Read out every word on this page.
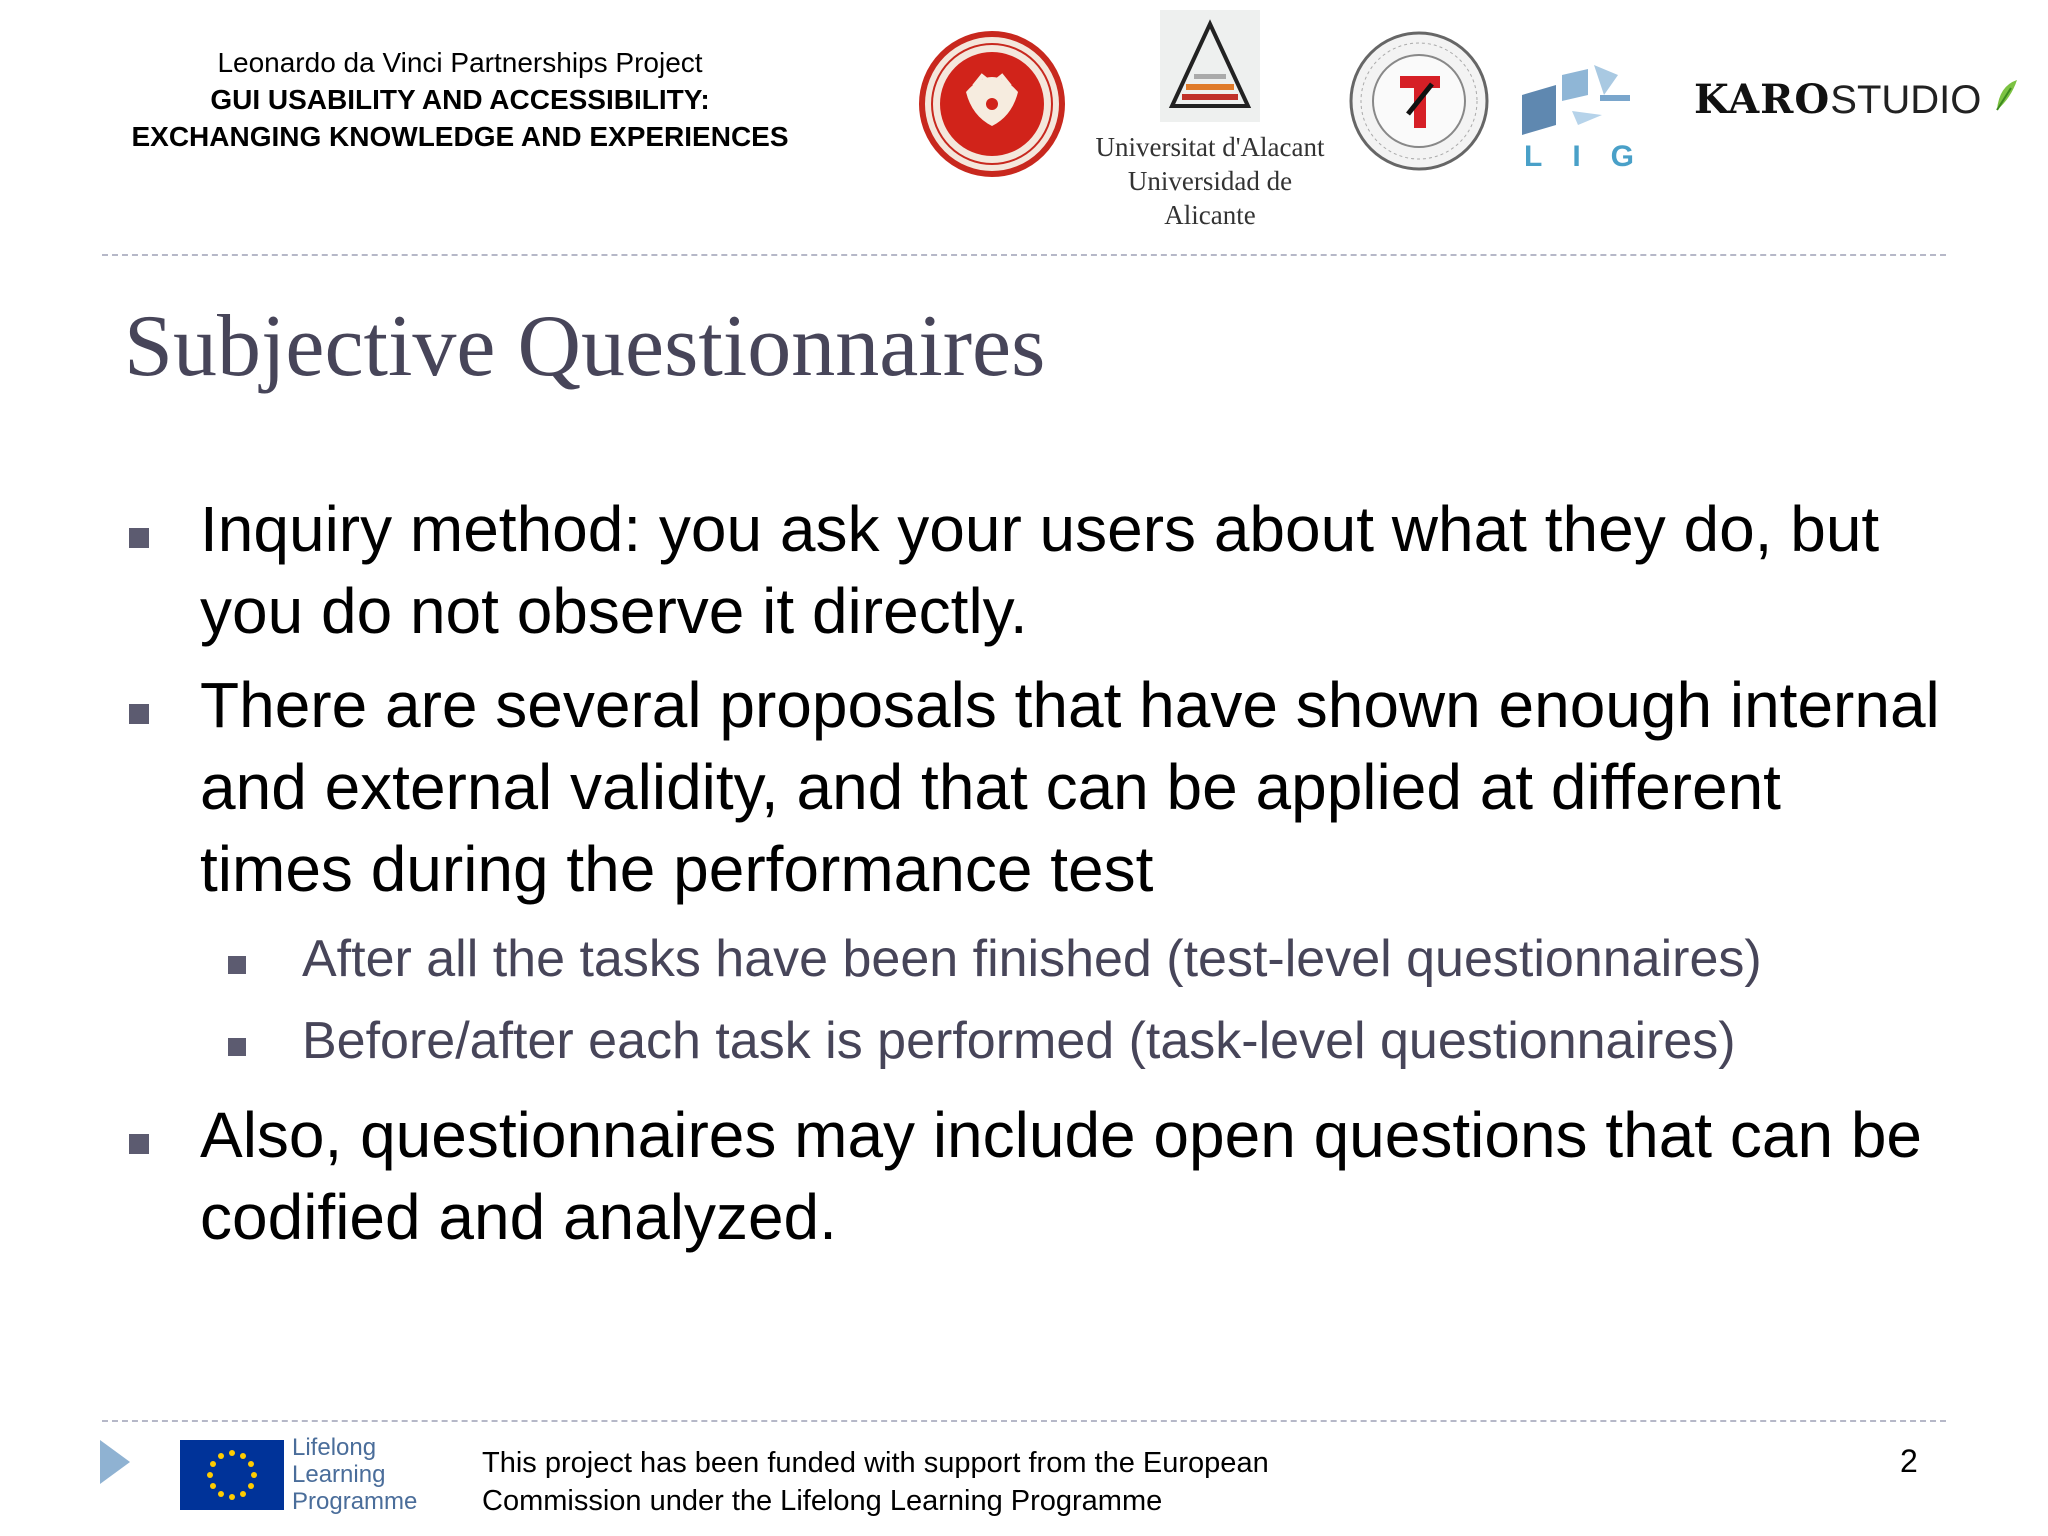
Leonardo da Vinci Partnerships Project
GUI USABILITY AND ACCESSIBILITY:
EXCHANGING KNOWLEDGE AND EXPERIENCES	Universitat d'Alacant
Universidad de Alicante
LIG
KAROSTUDIO
Subjective Questionnaires
Inquiry method: you ask your users about what they do, but you do not observe it directly.
There are several proposals that have shown enough internal and external validity, and that can be applied at different times during the performance test
After all the tasks have been finished (test-level questionnaires)
Before/after each task is performed (task-level questionnaires)
Also, questionnaires may include open questions that can be codified and analyzed.
Lifelong
Learning
Programme
This project has been funded with support from the European
Commission under the Lifelong Learning Programme
2
